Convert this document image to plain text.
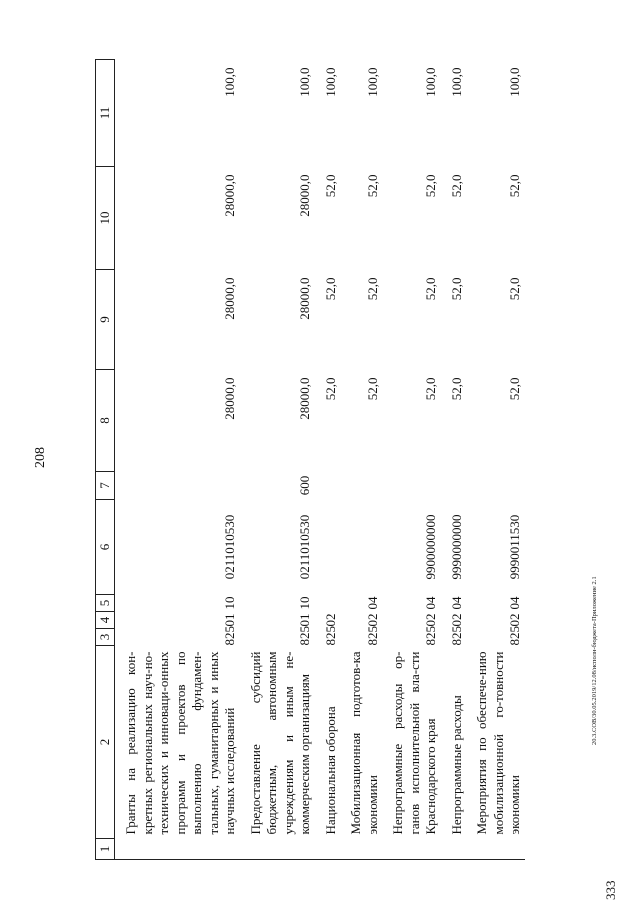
208
1	2	3	4	5	6	7	8	9	10	11
	Гранты на реализацию кон-кретных региональных науч-но-технических и инноваци-онных программ и проектов по выполнению фундамен-тальных, гуманитарных и иных научных исследований	825	01	10	0211010530		28000,0	28000,0	28000,0	100,0
	Предоставление субсидий бюджетным, автономным учреждениям и иным не-коммерческим организациям	825	01	10	0211010530	600	28000,0	28000,0	28000,0	100,0
	Национальная оборона	825	02				52,0	52,0	52,0	100,0
	Мобилизационная подготов-ка экономики	825	02	04			52,0	52,0	52,0	100,0
	Непрограммные расходы ор-ганов исполнительной вла-сти Краснодарского края	825	02	04	9900000000		52,0	52,0	52,0	100,0
	Непрограммные расходы	825	02	04	9990000000		52,0	52,0	52,0	100,0
	Мероприятия по обеспече-нию мобилизационной го-товности экономики	825	02	04	9990011530		52,0	52,0	52,0	100,0
20.3.СОВ/30.05.2019/12.08/исполн-бюджета-Приложение 2.1
333
